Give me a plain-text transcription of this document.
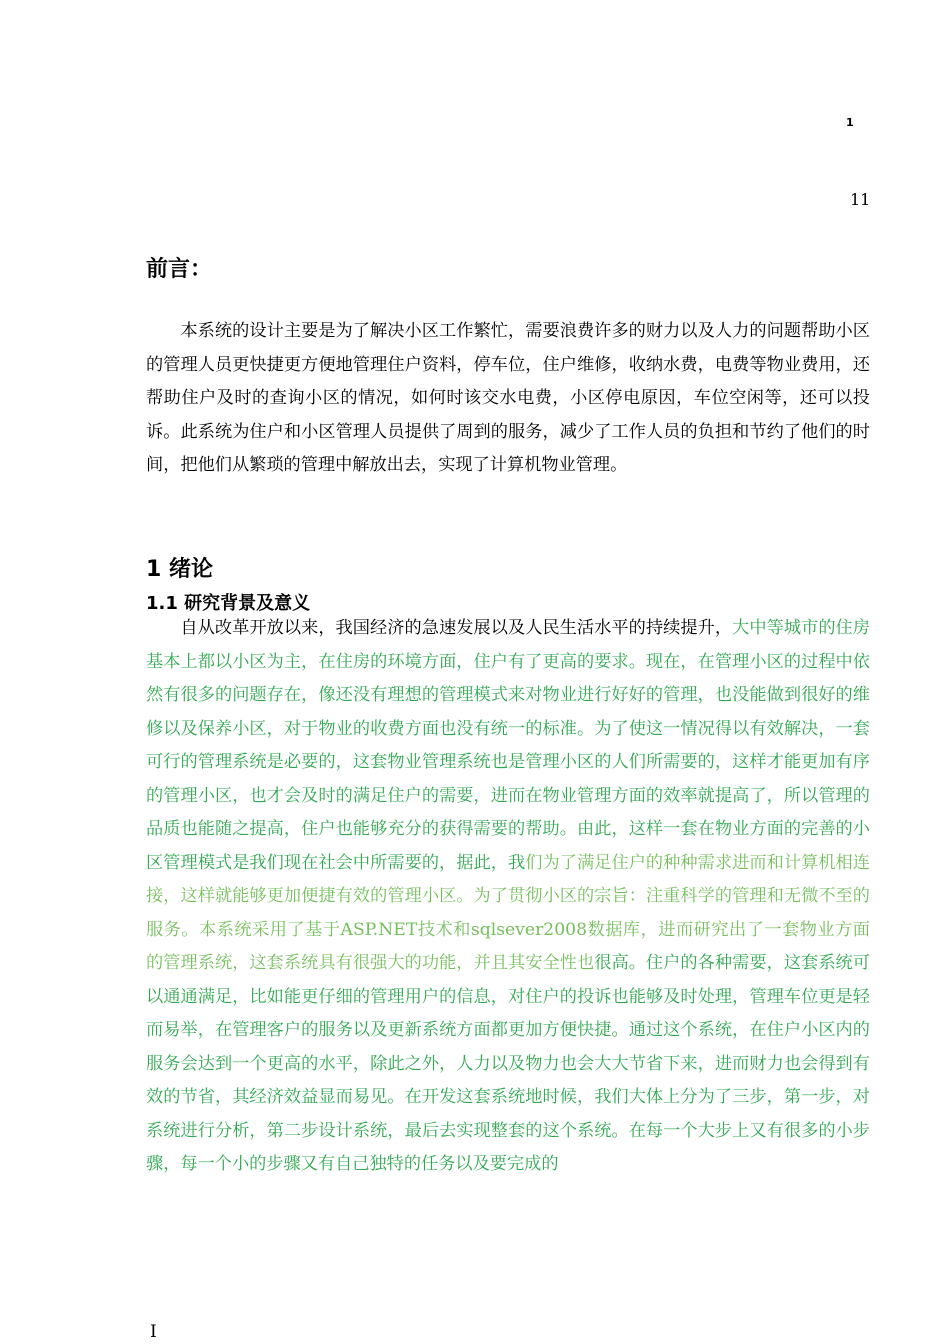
1
11
前言：
本系统的设计主要是为了解决小区工作繁忙，需要浪费许多的财力以及人力的问题帮助小区的管理人员更快捷更方便地管理住户资料，停车位，住户维修，收纳水费，电费等物业费用，还帮助住户及时的查询小区的情况，如何时该交水电费，小区停电原因，车位空闲等，还可以投诉。此系统为住户和小区管理人员提供了周到的服务，减少了工作人员的负担和节约了他们的时间，把他们从繁琐的管理中解放出去，实现了计算机物业管理。
1 绪论
1.1 研究背景及意义
自从改革开放以来，我国经济的急速发展以及人民生活水平的持续提升，大中等城市的住房基本上都以小区为主，在住房的环境方面，住户有了更高的要求。现在，在管理小区的过程中依然有很多的问题存在，像还没有理想的管理模式来对物业进行好好的管理，也没能做到很好的维修以及保养小区，对于物业的收费方面也没有统一的标准。为了使这一情况得以有效解决，一套可行的管理系统是必要的，这套物业管理系统也是管理小区的人们所需要的，这样才能更加有序的管理小区，也才会及时的满足住户的需要，进而在物业管理方面的效率就提高了，所以管理的品质也能随之提高，住户也能够充分的获得需要的帮助。由此，这样一套在物业方面的完善的小区管理模式是我们现在社会中所需要的，据此，我们为了满足住户的种种需求进而和计算机相连接，这样就能够更加便捷有效的管理小区。为了贯彻小区的宗旨：注重科学的管理和无微不至的服务。本系统采用了基于ASP.NET技术和sqlsever2008数据库，进而研究出了一套物业方面的管理系统，这套系统具有很强大的功能，并且其安全性也很高。住户的各种需要，这套系统可以通通满足，比如能更仔细的管理用户的信息，对住户的投诉也能够及时处理，管理车位更是轻而易举，在管理客户的服务以及更新系统方面都更加方便快捷。通过这个系统，在住户小区内的服务会达到一个更高的水平，除此之外，人力以及物力也会大大节省下来，进而财力也会得到有效的节省，其经济效益显而易见。在开发这套系统地时候，我们大体上分为了三步，第一步，对系统进行分析，第二步设计系统，最后去实现整套的这个系统。在每一个大步上又有很多的小步骤，每一个小的步骤又有自己独特的任务以及要完成的
I
